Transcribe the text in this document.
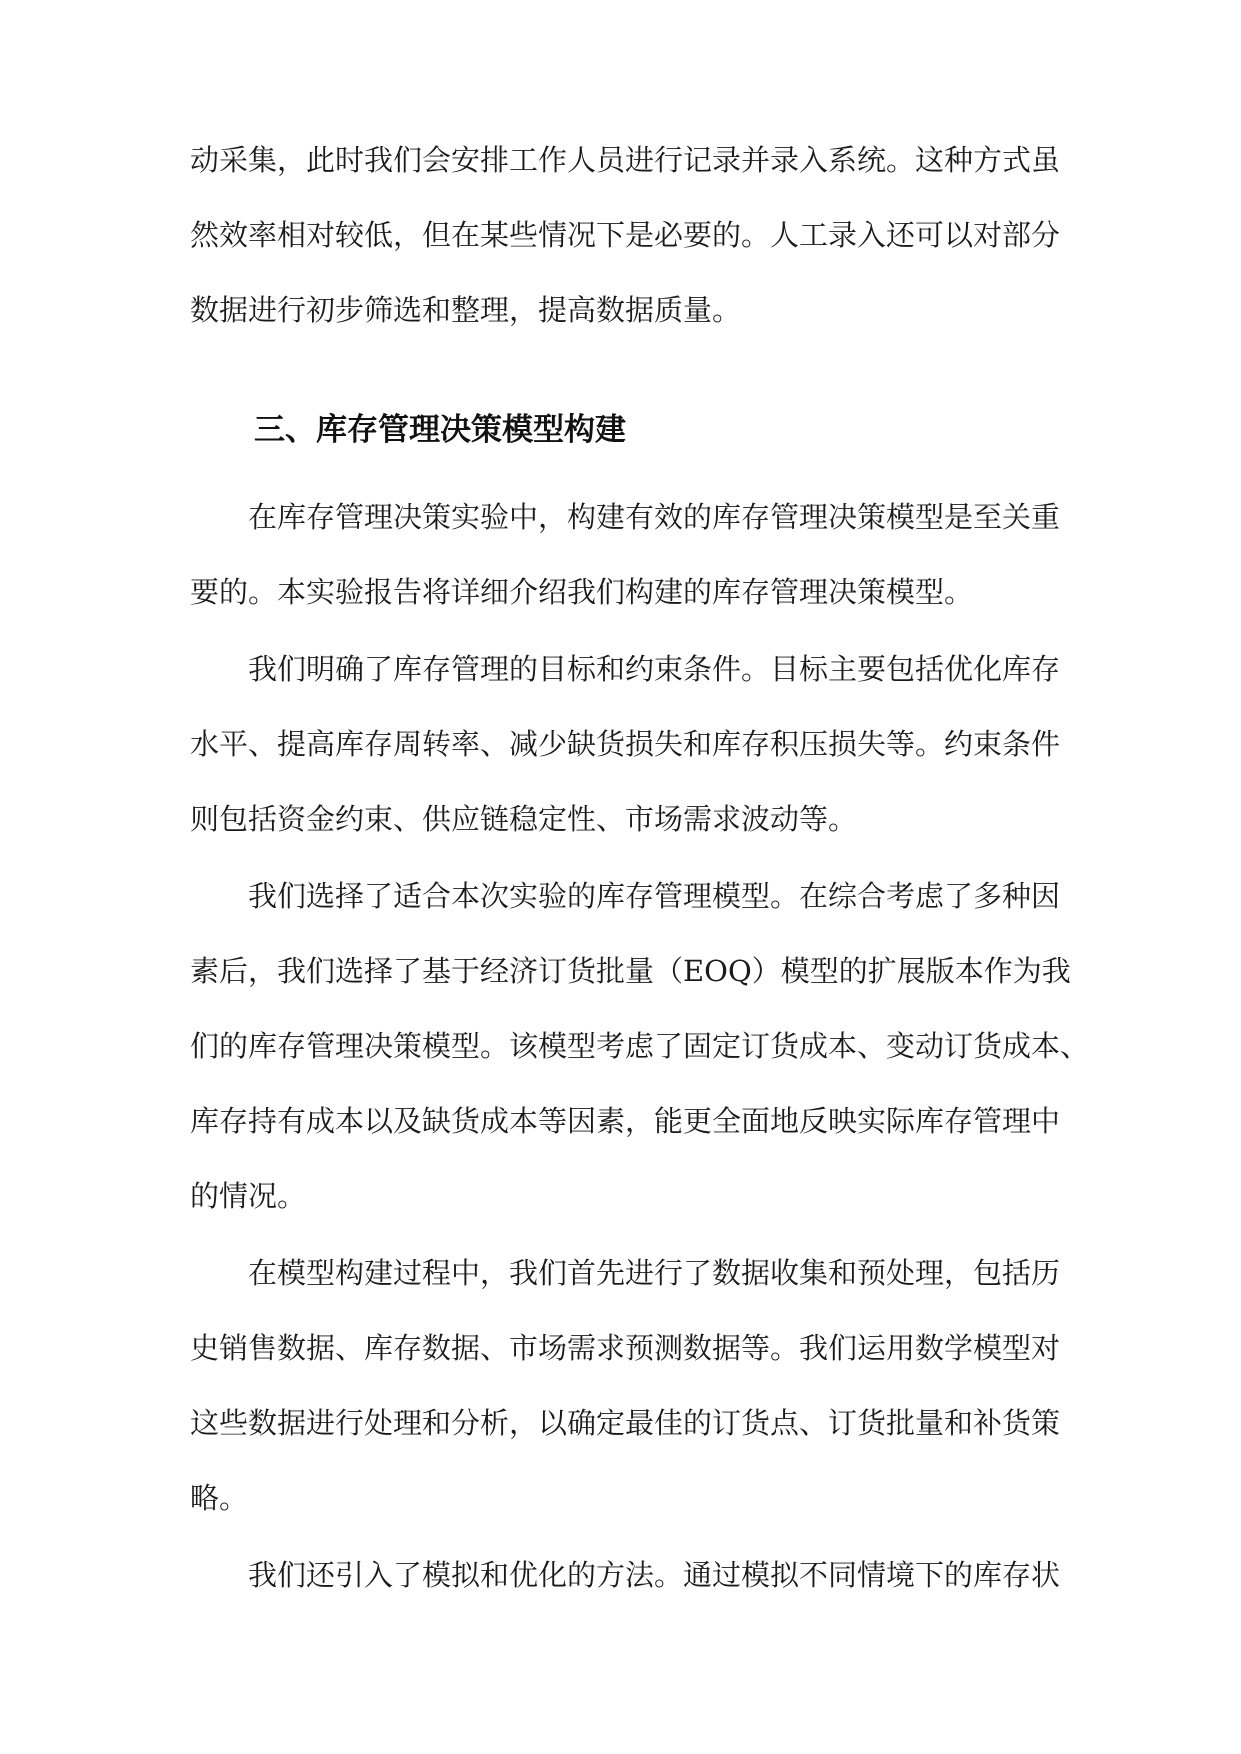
动采集，此时我们会安排工作人员进行记录并录入系统。这种方式虽
然效率相对较低，但在某些情况下是必要的。人工录入还可以对部分
数据进行初步筛选和整理，提高数据质量。
三、库存管理决策模型构建
在库存管理决策实验中，构建有效的库存管理决策模型是至关重
要的。本实验报告将详细介绍我们构建的库存管理决策模型。
我们明确了库存管理的目标和约束条件。目标主要包括优化库存
水平、提高库存周转率、减少缺货损失和库存积压损失等。约束条件
则包括资金约束、供应链稳定性、市场需求波动等。
我们选择了适合本次实验的库存管理模型。在综合考虑了多种因
素后，我们选择了基于经济订货批量（EOQ）模型的扩展版本作为我
们的库存管理决策模型。该模型考虑了固定订货成本、变动订货成本、
库存持有成本以及缺货成本等因素，能更全面地反映实际库存管理中
的情况。
在模型构建过程中，我们首先进行了数据收集和预处理，包括历
史销售数据、库存数据、市场需求预测数据等。我们运用数学模型对
这些数据进行处理和分析，以确定最佳的订货点、订货批量和补货策
略。
我们还引入了模拟和优化的方法。通过模拟不同情境下的库存状
